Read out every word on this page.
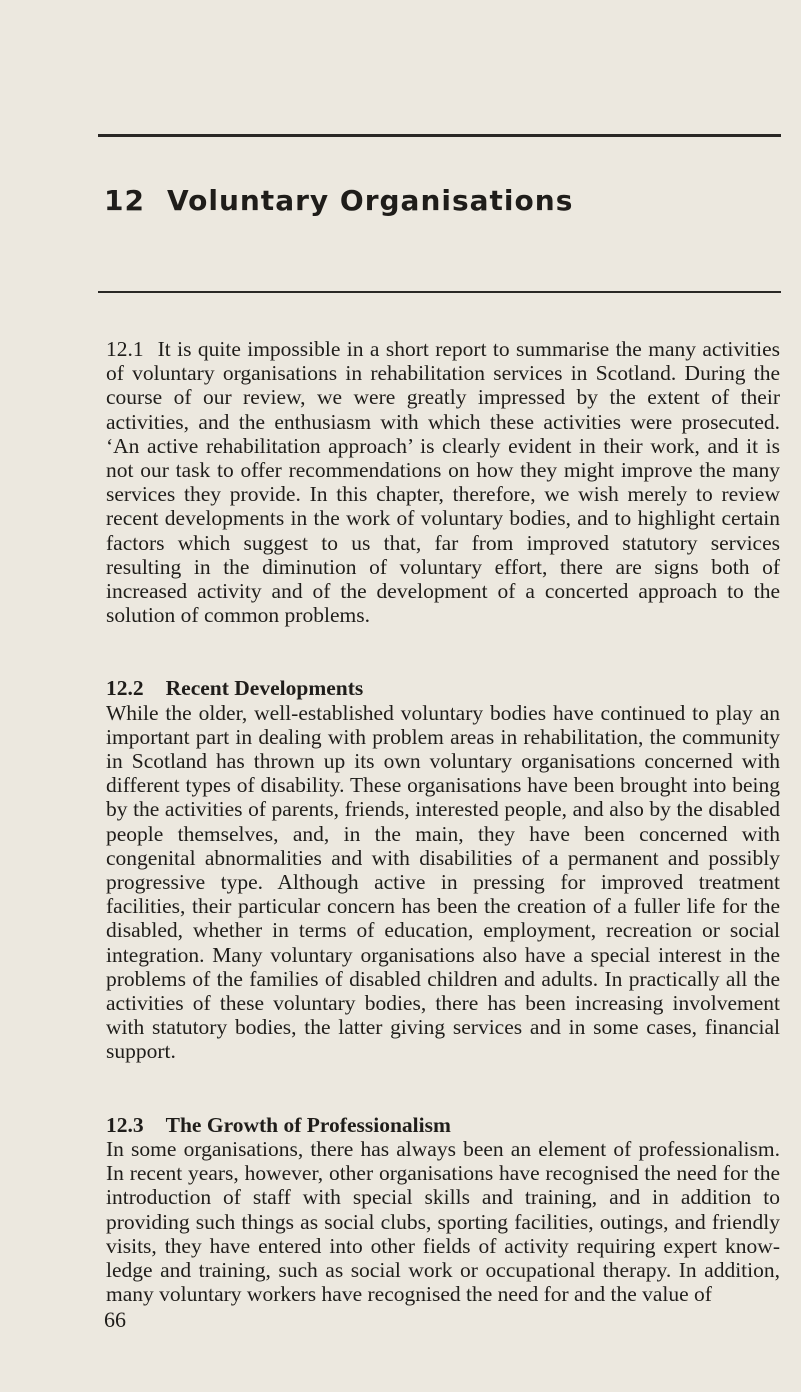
12 Voluntary Organisations

12.1 It is quite impossible in a short report to summarise the many activities of voluntary organisations in rehabilitation services in Scotland. During the course of our review, we were greatly impressed by the extent of their activities, and the enthusiasm with which these activities were prosecuted. ‘An active rehabilitation approach’ is clearly evident in their work, and it is not our task to offer recommendations on how they might improve the many services they provide. In this chapter, therefore, we wish merely to review recent developments in the work of voluntary bodies, and to highlight certain factors which suggest to us that, far from improved statutory services resulting in the diminution of voluntary effort, there are signs both of increased activity and of the development of a concerted approach to the solution of common problems.

12.2 Recent Developments

While the older, well-established voluntary bodies have continued to play an important part in dealing with problem areas in rehabilitation, the community in Scotland has thrown up its own voluntary organisations concerned with different types of disability. These organisations have been brought into being by the activities of parents, friends, interested people, and also by the disabled people themselves, and, in the main, they have been concerned with congenital abnormalities and with disabilities of a permanent and possibly progressive type. Although active in pressing for improved treatment facilities, their particular concern has been the creation of a fuller life for the disabled, whether in terms of education, employment, recreation or social integration. Many voluntary organisations also have a special interest in the problems of the families of disabled children and adults. In practically all the activities of these voluntary bodies, there has been increasing involvement with statutory bodies, the latter giving services and in some cases, financial support.

12.3 The Growth of Professionalism

In some organisations, there has always been an element of professionalism. In recent years, however, other organisations have recognised the need for the introduction of staff with special skills and training, and in addition to providing such things as social clubs, sporting facilities, outings, and friendly visits, they have entered into other fields of activity requiring expert know-ledge and training, such as social work or occupational therapy. In addition, many voluntary workers have recognised the need for and the value of

66
